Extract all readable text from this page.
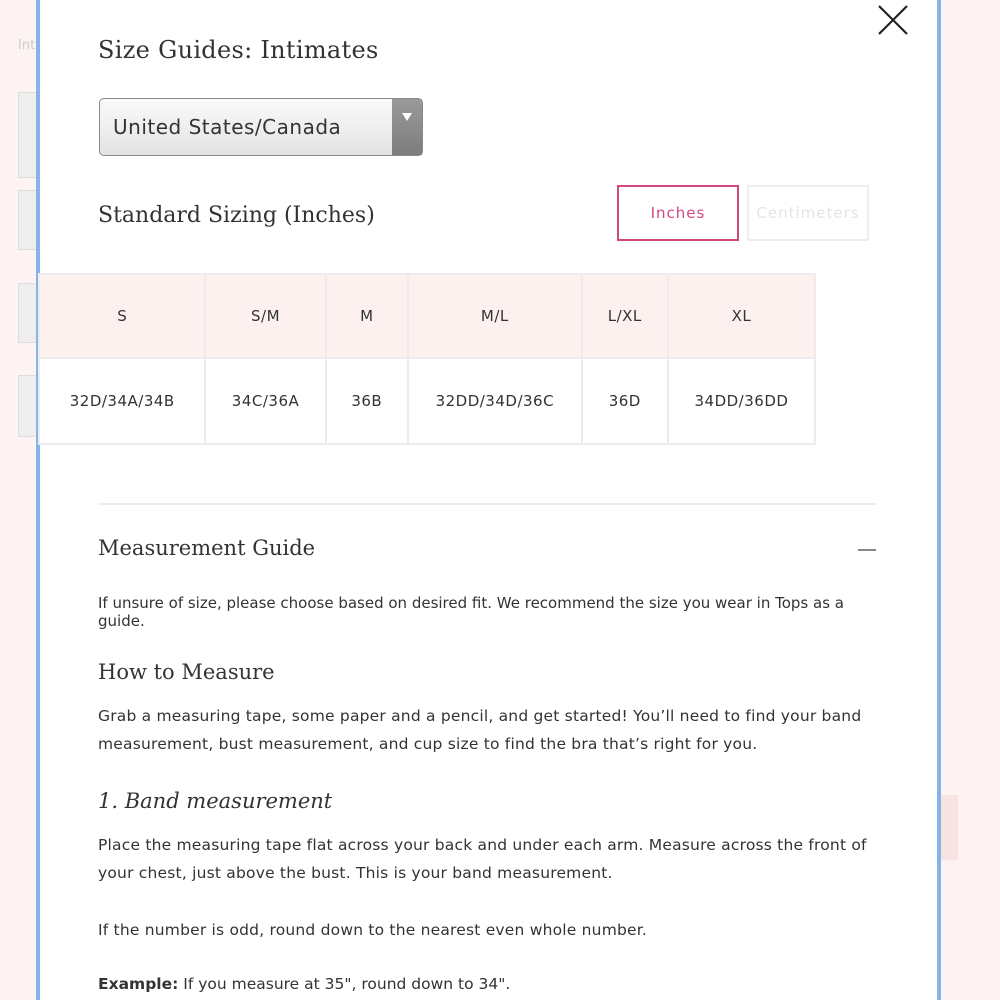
Int	Size Guides: Intimates
United States/Canada
Standard Sizing (Inches)	Inches	Centimeters
S	S/M	M	M/L	L/XL	XL
32D/34A/34B	34C/36A	36B	32DD/34D/36C	36D	34DD/36DD
Measurement Guide
If unsure of size, please choose based on desired fit. We recommend the size you wear in Tops as a guide.
How to Measure
Grab a measuring tape, some paper and a pencil, and get started! You’ll need to find your band measurement, bust measurement, and cup size to find the bra that’s right for you.
1. Band measurement
Place the measuring tape flat across your back and under each arm. Measure across the front of your chest, just above the bust. This is your band measurement.
If the number is odd, round down to the nearest even whole number.
Example: If you measure at 35", round down to 34".
